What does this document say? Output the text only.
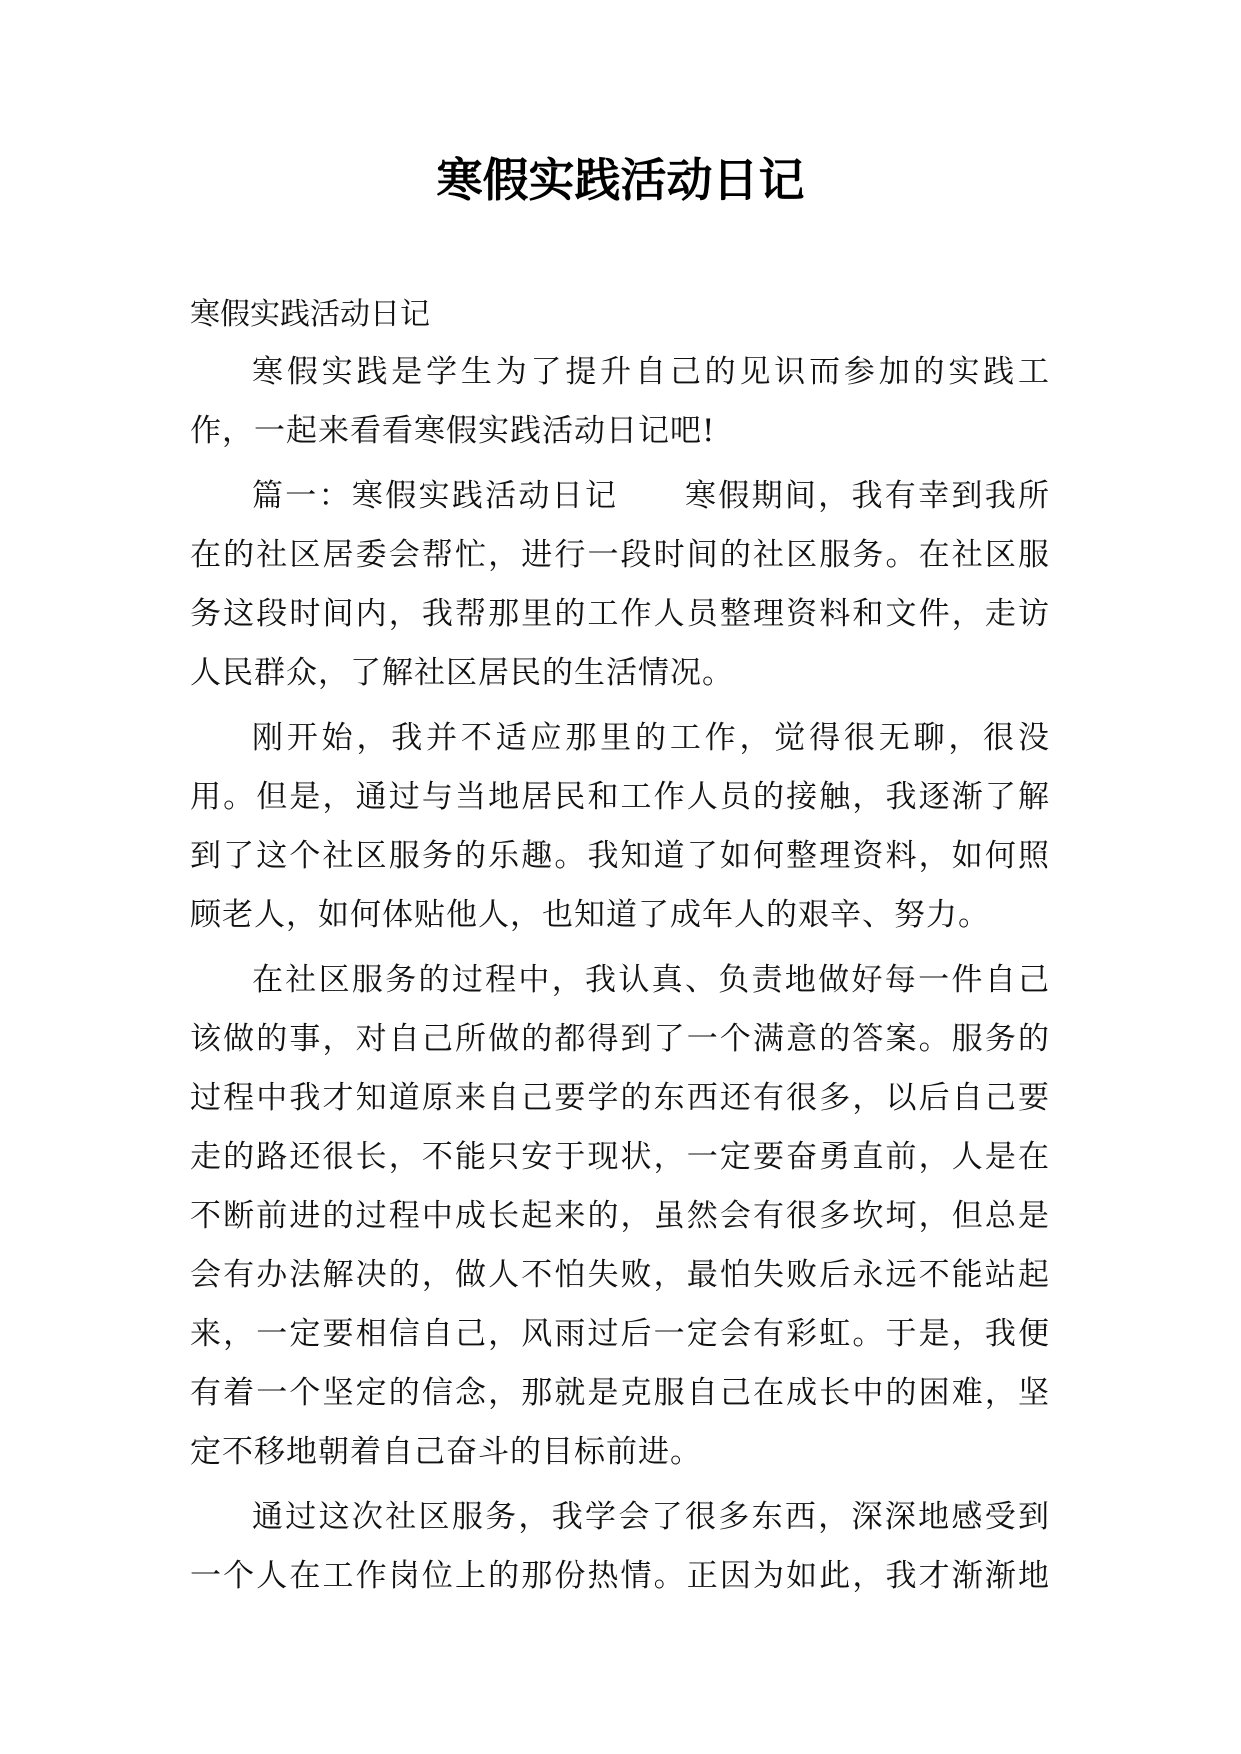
寒假实践活动日记

寒假实践活动日记

寒假实践是学生为了提升自己的见识而参加的实践工作，一起来看看寒假实践活动日记吧!

篇一：寒假实践活动日记　　寒假期间，我有幸到我所在的社区居委会帮忙，进行一段时间的社区服务。在社区服务这段时间内，我帮那里的工作人员整理资料和文件，走访人民群众，了解社区居民的生活情况。

刚开始，我并不适应那里的工作，觉得很无聊，很没用。但是，通过与当地居民和工作人员的接触，我逐渐了解到了这个社区服务的乐趣。我知道了如何整理资料，如何照顾老人，如何体贴他人，也知道了成年人的艰辛、努力。

在社区服务的过程中，我认真、负责地做好每一件自己该做的事，对自己所做的都得到了一个满意的答案。服务的过程中我才知道原来自己要学的东西还有很多，以后自己要走的路还很长，不能只安于现状，一定要奋勇直前，人是在不断前进的过程中成长起来的，虽然会有很多坎坷，但总是会有办法解决的，做人不怕失败，最怕失败后永远不能站起来，一定要相信自己，风雨过后一定会有彩虹。于是，我便有着一个坚定的信念，那就是克服自己在成长中的困难，坚定不移地朝着自己奋斗的目标前进。

通过这次社区服务，我学会了很多东西，深深地感受到一个人在工作岗位上的那份热情。正因为如此，我才渐渐地
